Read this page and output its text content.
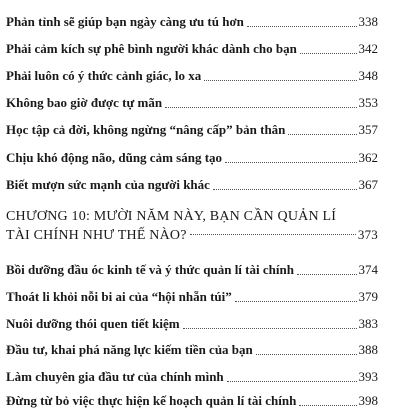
Phản tỉnh sẽ giúp bạn ngày càng ưu tú hơn	338
Phải cảm kích sự phê bình người khác dành cho bạn	342
Phải luôn có ý thức cảnh giác, lo xa	348
Không bao giờ được tự mãn	353
Học tập cả đời, không ngừng “nâng cấp” bản thân	357
Chịu khó động não, dũng cảm sáng tạo	362
Biết mượn sức mạnh của người khác	367
CHƯƠNG 10: MƯỜI NĂM NÀY, BẠN CẦN QUẢN LÍ
TÀI CHÍNH NHƯ THẾ NÀO?	373
Bồi dưỡng đầu óc kinh tế và ý thức quản lí tài chính	374
Thoát li khỏi nỗi bi ai của “hội nhẵn túi”	379
Nuôi dưỡng thói quen tiết kiệm	383
Đầu tư, khai phá năng lực kiếm tiền của bạn	388
Làm chuyên gia đầu tư của chính mình	393
Đừng từ bỏ việc thực hiện kế hoạch quản lí tài chính	398
